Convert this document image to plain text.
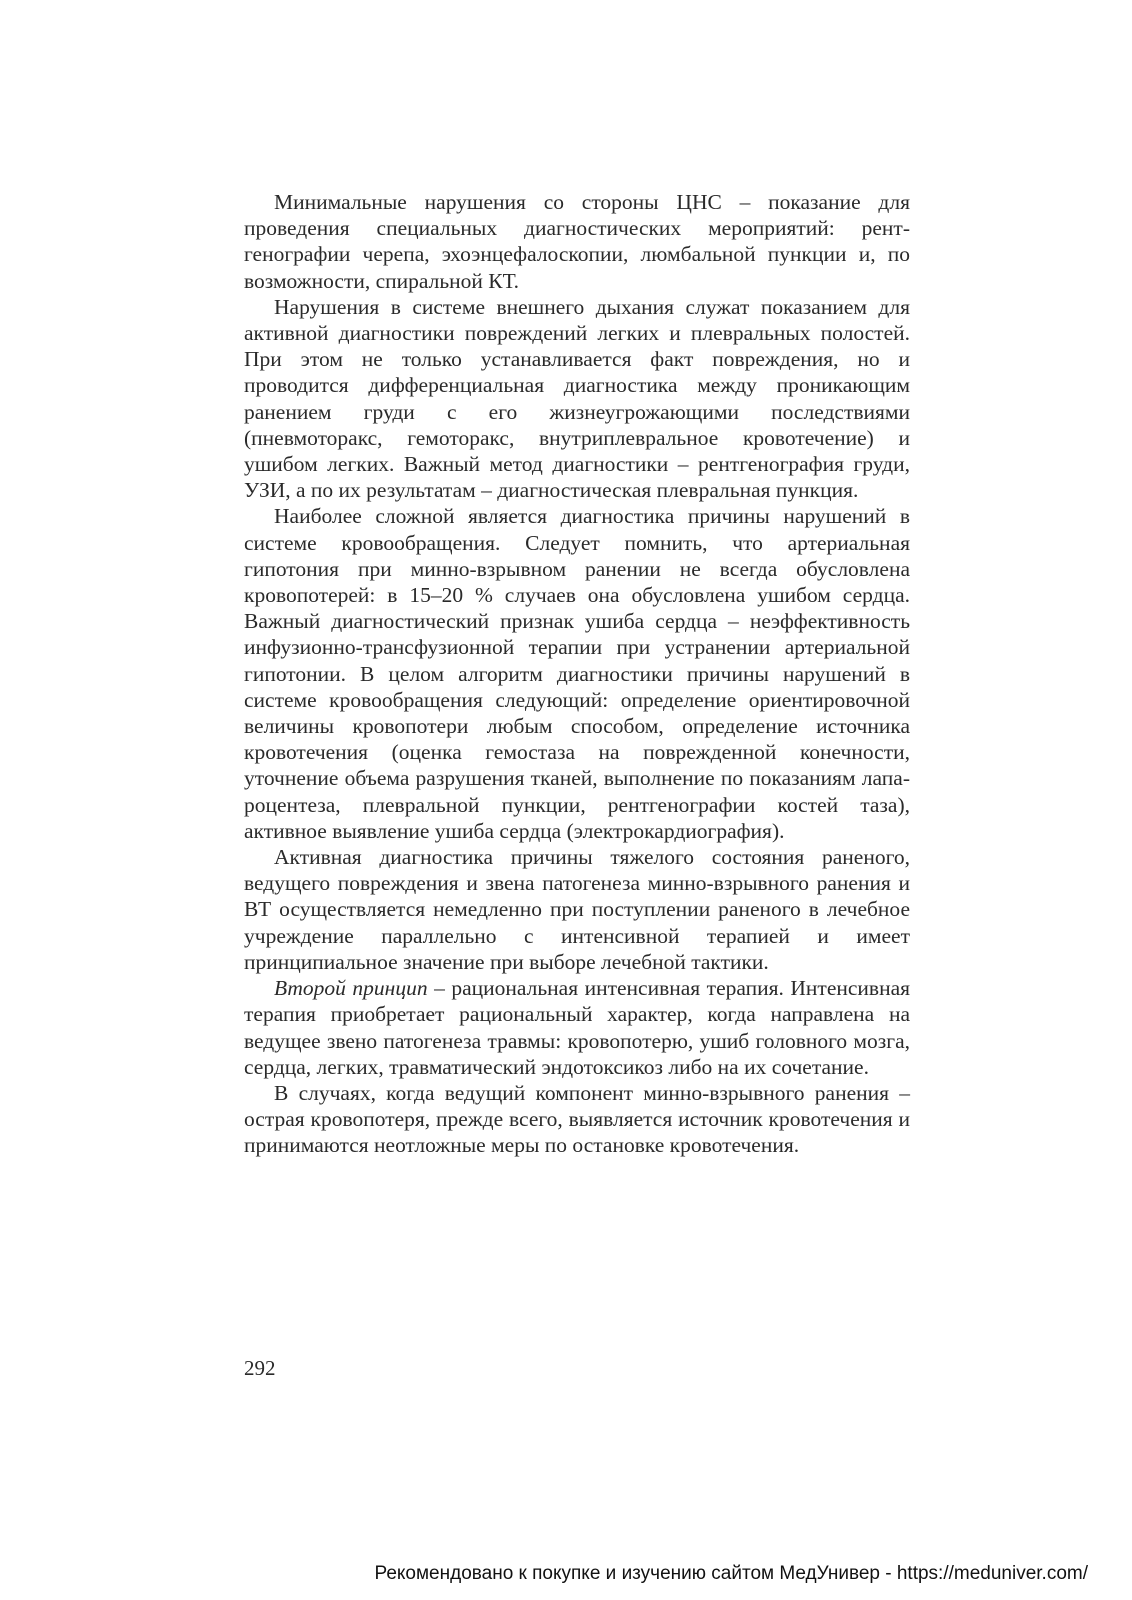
Минимальные нарушения со стороны ЦНС – показание для проведения специальных диагностических мероприятий: рентгенографии черепа, эхоэнцефалоскопии, люмбальной пункции и, по возможности, спиральной КТ.

Нарушения в системе внешнего дыхания служат показанием для активной диагностики повреждений легких и плевральных полостей. При этом не только устанавливается факт повреждения, но и проводится дифференциальная диагностика между проникающим ранением груди с его жизнеугрожающими последствиями (пневмоторакс, гемоторакс, внутриплевральное кровотечение) и ушибом легких. Важный метод диагностики – рентгенография груди, УЗИ, а по их результатам – диагностическая плевральная пункция.

Наиболее сложной является диагностика причины нарушений в системе кровообращения. Следует помнить, что артериальная гипотония при минно-взрывном ранении не всегда обусловлена кровопотерей: в 15–20 % случаев она обусловлена ушибом сердца. Важный диагностический признак ушиба сердца – неэффективность инфузионно-трансфузионной терапии при устранении артериальной гипотонии. В целом алгоритм диагностики причины нарушений в системе кровообращения следующий: определение ориентировочной величины кровопотери любым способом, определение источника кровотечения (оценка гемостаза на поврежденной конечности, уточнение объема разрушения тканей, выполнение по показаниям лапароцентеза, плевральной пункции, рентгенографии костей таза), активное выявление ушиба сердца (электрокардиография).

Активная диагностика причины тяжелого состояния раненого, ведущего повреждения и звена патогенеза минно-взрывного ранения и ВТ осуществляется немедленно при поступлении раненого в лечебное учреждение параллельно с интенсивной терапией и имеет принципиальное значение при выборе лечебной тактики.

Второй принцип – рациональная интенсивная терапия. Интенсивная терапия приобретает рациональный характер, когда направлена на ведущее звено патогенеза травмы: кровопотерю, ушиб головного мозга, сердца, легких, травматический эндотоксикоз либо на их сочетание.

В случаях, когда ведущий компонент минно-взрывного ранения – острая кровопотеря, прежде всего, выявляется источник кровотечения и принимаются неотложные меры по остановке кровотечения.

292
Рекомендовано к покупке и изучению сайтом МедУнивер - https://meduniver.com/
